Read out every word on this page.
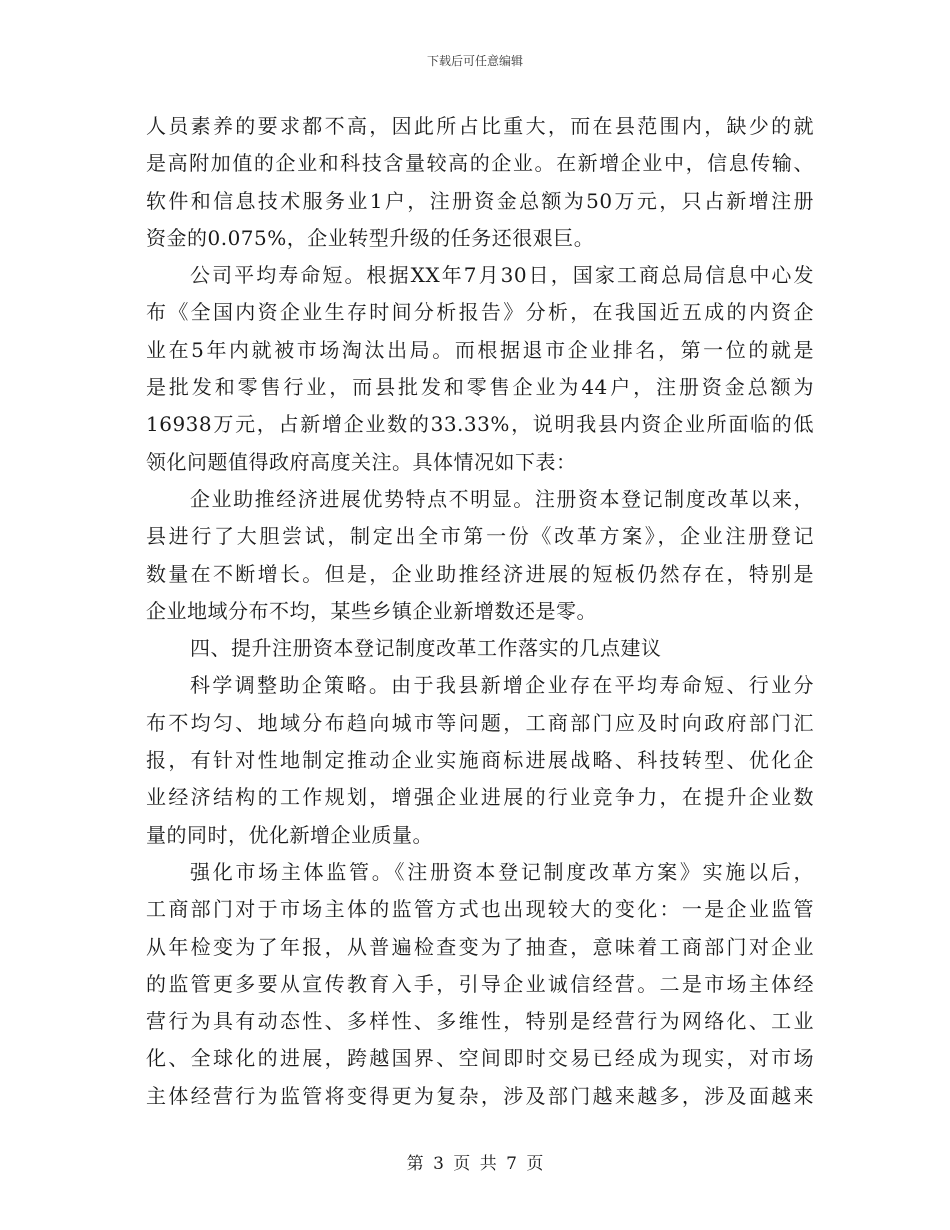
下载后可任意编辑
人员素养的要求都不高，因此所占比重大，而在县范围内，缺少的就
是高附加值的企业和科技含量较高的企业。在新增企业中，信息传输、
软件和信息技术服务业1户，注册资金总额为50万元，只占新增注册
资金的0.075%，企业转型升级的任务还很艰巨。
公司平均寿命短。根据XX年7月30日，国家工商总局信息中心发
布《全国内资企业生存时间分析报告》分析，在我国近五成的内资企
业在5年内就被市场淘汰出局。而根据退市企业排名，第一位的就是
是批发和零售行业，而县批发和零售企业为44户，注册资金总额为
16938万元，占新增企业数的33.33%，说明我县内资企业所面临的低
领化问题值得政府高度关注。具体情况如下表：
企业助推经济进展优势特点不明显。注册资本登记制度改革以来，
县进行了大胆尝试，制定出全市第一份《改革方案》，企业注册登记
数量在不断增长。但是，企业助推经济进展的短板仍然存在，特别是
企业地域分布不均，某些乡镇企业新增数还是零。
四、提升注册资本登记制度改革工作落实的几点建议
科学调整助企策略。由于我县新增企业存在平均寿命短、行业分
布不均匀、地域分布趋向城市等问题，工商部门应及时向政府部门汇
报，有针对性地制定推动企业实施商标进展战略、科技转型、优化企
业经济结构的工作规划，增强企业进展的行业竞争力，在提升企业数
量的同时，优化新增企业质量。
强化市场主体监管。《注册资本登记制度改革方案》实施以后，
工商部门对于市场主体的监管方式也出现较大的变化：一是企业监管
从年检变为了年报，从普遍检查变为了抽查，意味着工商部门对企业
的监管更多要从宣传教育入手，引导企业诚信经营。二是市场主体经
营行为具有动态性、多样性、多维性，特别是经营行为网络化、工业
化、全球化的进展，跨越国界、空间即时交易已经成为现实，对市场
主体经营行为监管将变得更为复杂，涉及部门越来越多，涉及面越来
第 3 页 共 7 页
